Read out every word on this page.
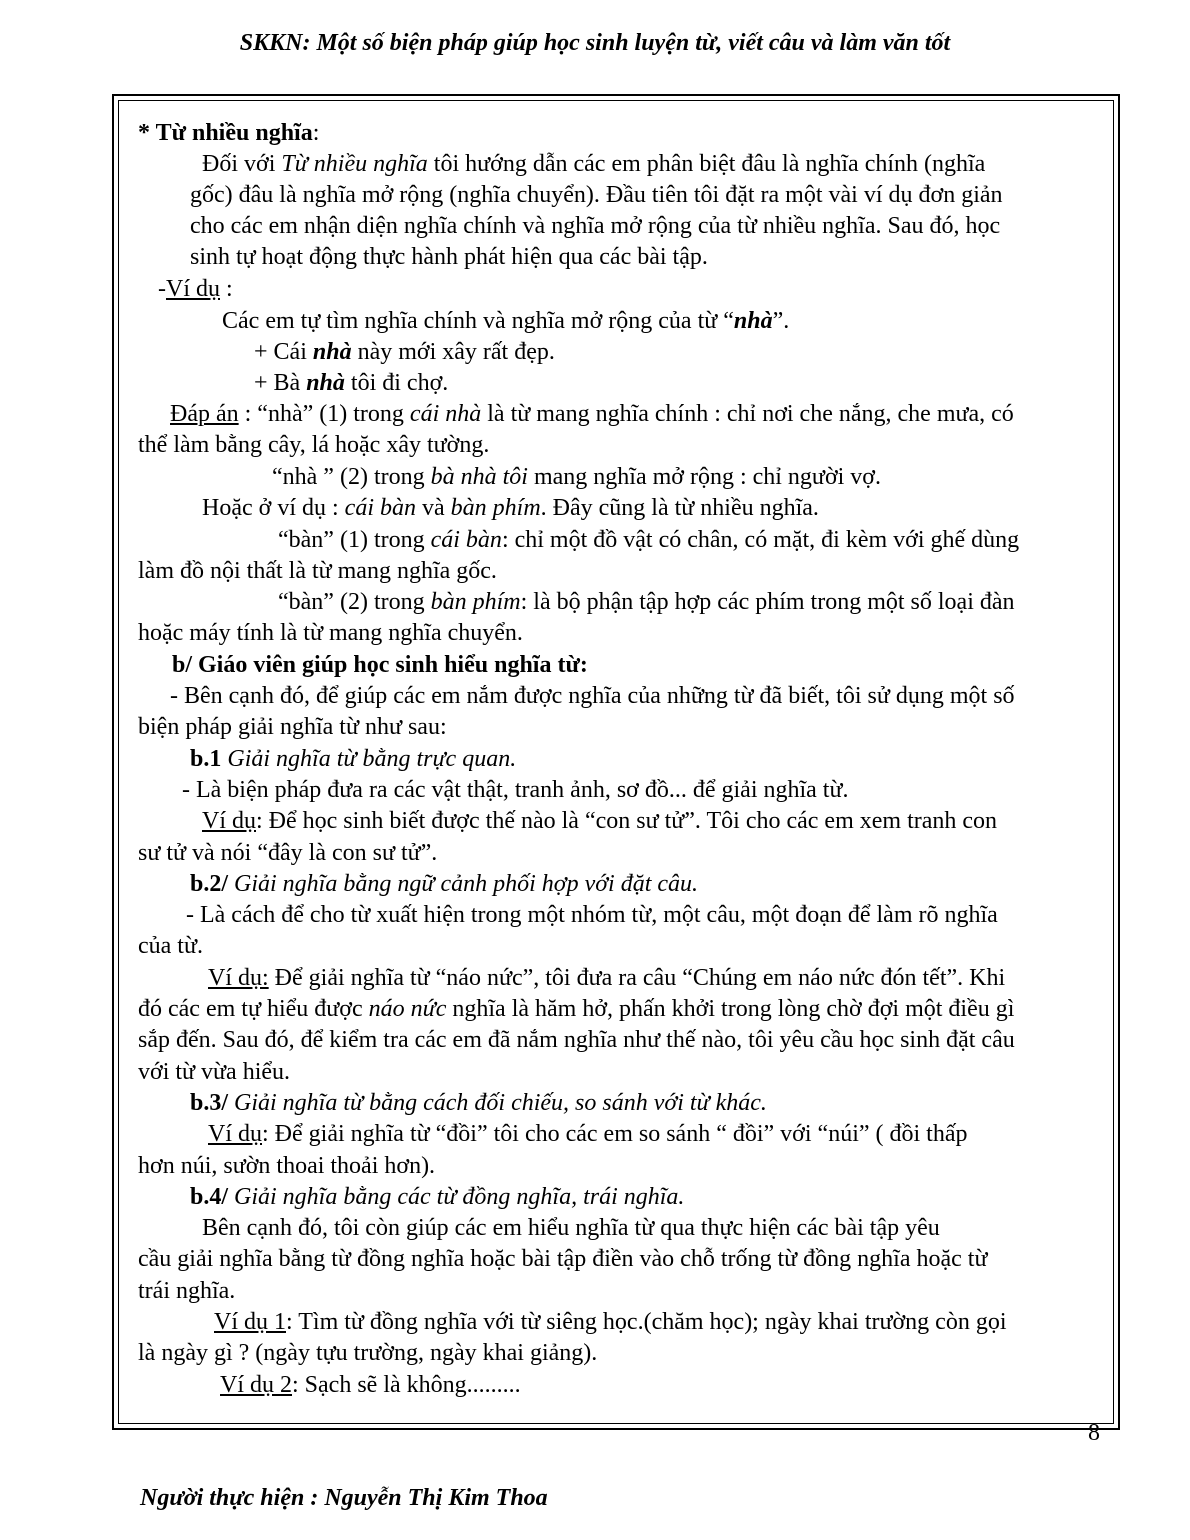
SKKN: Một số biện pháp giúp học sinh luyện từ, viết câu và làm văn tốt
* Từ nhiều nghĩa:
Đối với Từ nhiều nghĩa tôi hướng dẫn các em phân biệt đâu là nghĩa chính (nghĩa
gốc) đâu là nghĩa mở rộng (nghĩa chuyển). Đầu tiên tôi đặt ra một vài ví dụ đơn giản
cho các em nhận diện nghĩa chính và nghĩa mở rộng của từ nhiều nghĩa. Sau đó, học
sinh tự hoạt động thực hành phát hiện qua các bài tập.
-Ví dụ :
Các em tự tìm nghĩa chính và nghĩa mở rộng của từ “nhà”.
+ Cái nhà này mới xây rất đẹp.
+ Bà nhà tôi đi chợ.
Đáp án : “nhà” (1) trong cái nhà là từ mang nghĩa chính : chỉ nơi che nắng, che mưa, có
thể làm bằng cây, lá hoặc xây tường.
“nhà ” (2) trong bà nhà tôi mang nghĩa mở rộng : chỉ người vợ.
Hoặc ở ví dụ : cái bàn và bàn phím. Đây cũng là từ nhiều nghĩa.
“bàn” (1) trong cái bàn: chỉ một đồ vật có chân, có mặt, đi kèm với ghế dùng
làm đồ nội thất là từ mang nghĩa gốc.
“bàn” (2) trong bàn phím: là bộ phận tập hợp các phím trong một số loại đàn
hoặc máy tính là từ mang nghĩa chuyển.
b/ Giáo viên giúp học sinh hiểu nghĩa từ:
- Bên cạnh đó, để giúp các em nắm được nghĩa của những từ đã biết, tôi sử dụng một số
biện pháp giải nghĩa từ như sau:
b.1 Giải nghĩa từ bằng trực quan.
- Là biện pháp đưa ra các vật thật, tranh ảnh, sơ đồ... để giải nghĩa từ.
Ví dụ: Để học sinh biết được thế nào là “con sư tử”. Tôi cho các em xem tranh con
sư tử và nói “đây là con sư tử”.
b.2/ Giải nghĩa bằng ngữ cảnh phối hợp với đặt câu.
- Là cách để cho từ xuất hiện trong một nhóm từ, một câu, một đoạn để làm rõ nghĩa
của từ.
Ví dụ: Để giải nghĩa từ “náo nức”, tôi đưa ra câu “Chúng em náo nức đón tết”. Khi
đó các em tự hiểu được náo nức nghĩa là hăm hở, phấn khởi trong lòng chờ đợi một điều gì
sắp đến. Sau đó, để kiểm tra các em đã nắm nghĩa như thế nào, tôi yêu cầu học sinh đặt câu
với từ vừa hiểu.
b.3/ Giải nghĩa từ bằng cách đối chiếu, so sánh với từ khác.
Ví dụ: Để giải nghĩa từ “đồi” tôi cho các em so sánh “ đồi” với “núi” ( đồi thấp
hơn núi, sườn thoai thoải hơn).
b.4/ Giải nghĩa bằng các từ đồng nghĩa, trái nghĩa.
Bên cạnh đó, tôi còn giúp các em hiểu nghĩa từ qua thực hiện các bài tập yêu
cầu giải nghĩa bằng từ đồng nghĩa hoặc bài tập điền vào chỗ trống từ đồng nghĩa hoặc từ
trái nghĩa.
Ví dụ 1: Tìm từ đồng nghĩa với từ siêng học.(chăm học); ngày khai trường còn gọi
là ngày gì ? (ngày tựu trường, ngày khai giảng).
Ví dụ 2: Sạch sẽ là không.........
8
Người thực hiện : Nguyễn Thị Kim Thoa
